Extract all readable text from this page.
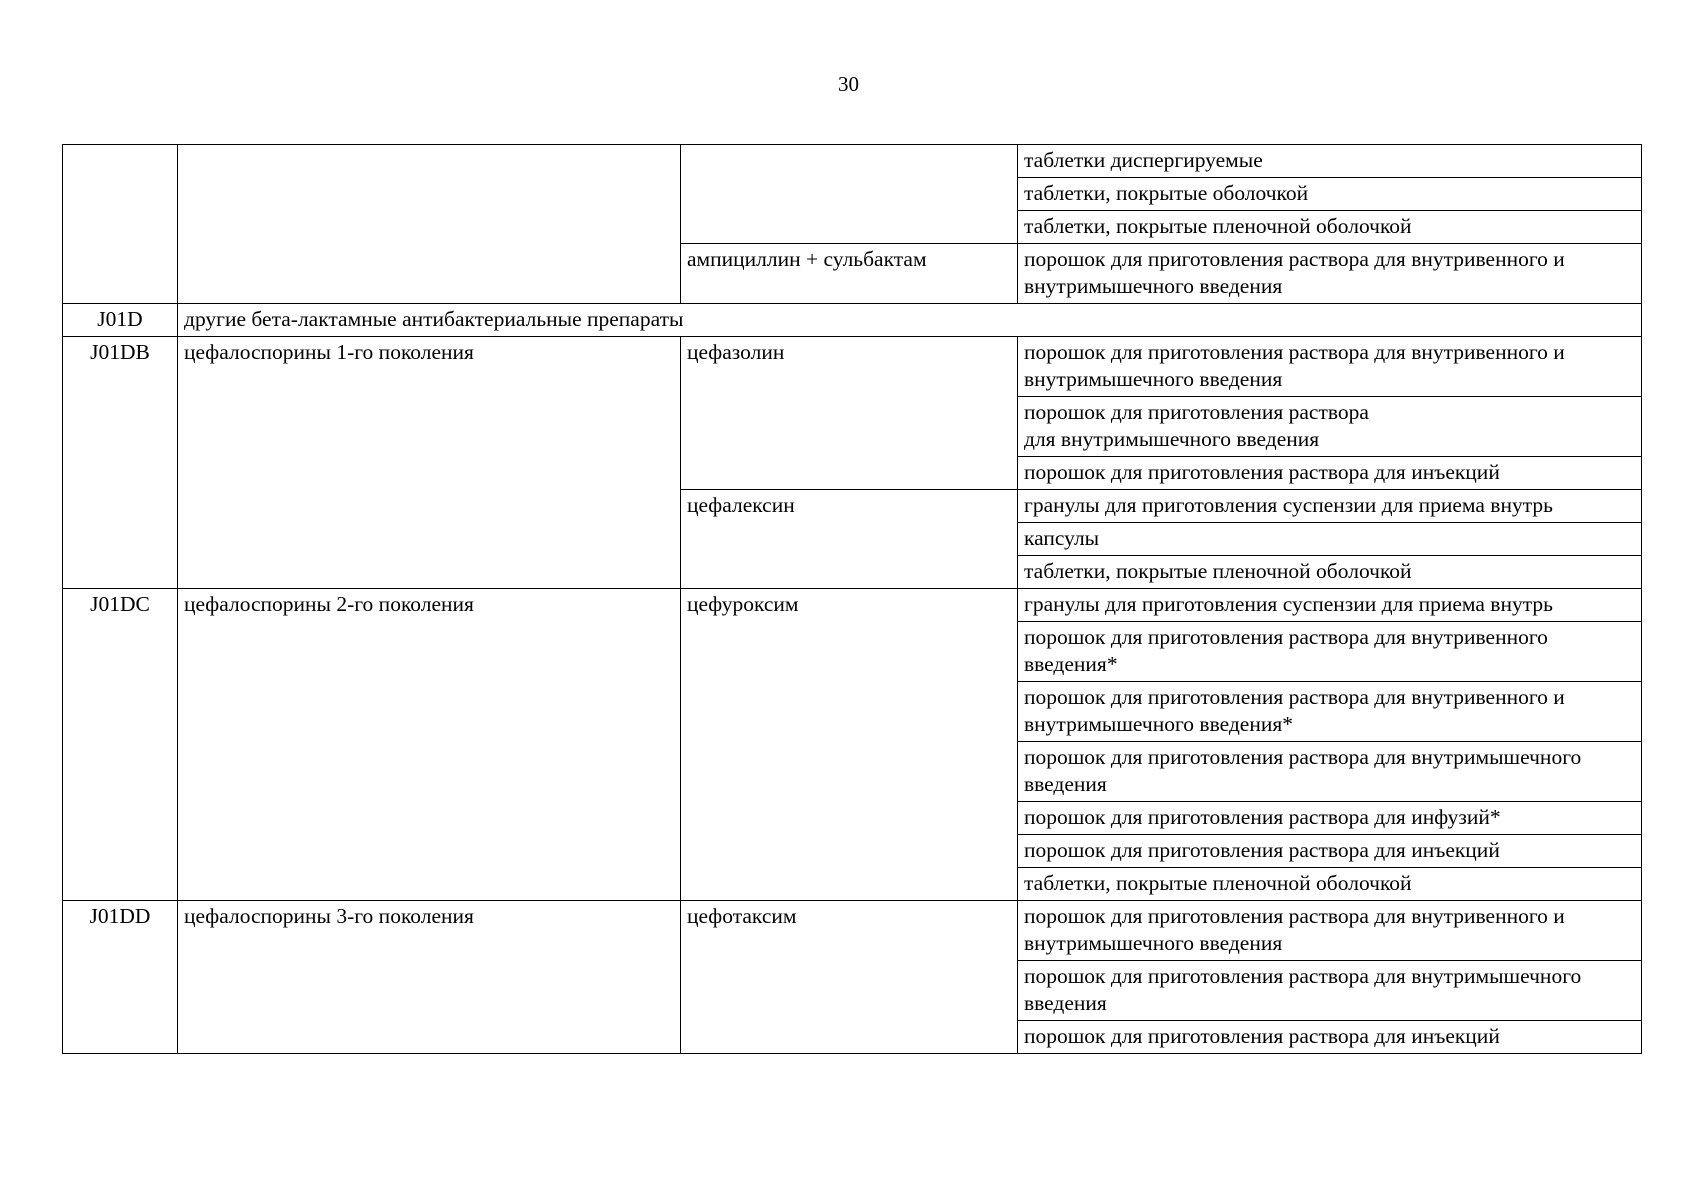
30
			таблетки диспергируемые
			таблетки, покрытые оболочкой
			таблетки, покрытые пленочной оболочкой
		ампициллин + сульбактам	порошок для приготовления раствора для внутривенного и внутримышечного введения
J01D	другие бета-лактамные антибактериальные препараты		
J01DB	цефалоспорины 1-го поколения	цефазолин	порошок для приготовления раствора для внутривенного и внутримышечного введения
			порошок для приготовления раствора
для внутримышечного введения
			порошок для приготовления раствора для инъекций
		цефалексин	гранулы для приготовления суспензии для приема внутрь
			капсулы
			таблетки, покрытые пленочной оболочкой
J01DC	цефалоспорины 2-го поколения	цефуроксим	гранулы для приготовления суспензии для приема внутрь
			порошок для приготовления раствора для внутривенного введения*
			порошок для приготовления раствора для внутривенного и внутримышечного введения*
			порошок для приготовления раствора для внутримышечного введения
			порошок для приготовления раствора для инфузий*
			порошок для приготовления раствора для инъекций
			таблетки, покрытые пленочной оболочкой
J01DD	цефалоспорины 3-го поколения	цефотаксим	порошок для приготовления раствора для внутривенного и внутримышечного введения
			порошок для приготовления раствора для внутримышечного введения
			порошок для приготовления раствора для инъекций
